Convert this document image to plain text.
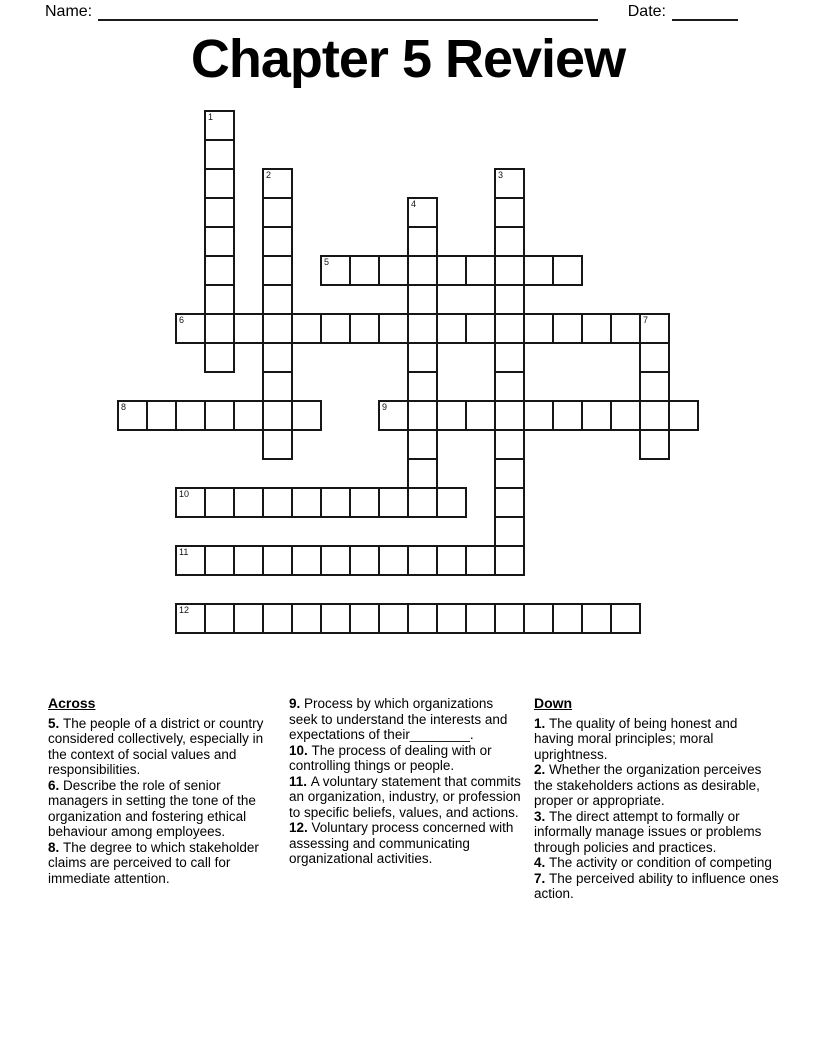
Name:	Date:
Chapter 5 Review
1
2	3
4
5
6	7
8	9
10
11
12
Across

5. The people of a district or country considered collectively, especially in the context of social values and responsibilities.

6. Describe the role of senior managers in setting the tone of the organization and fostering ethical behaviour among employees.

8. The degree to which stakeholder claims are perceived to call for immediate attention.

9. Process by which organizations seek to understand the interests and expectations of their________.

10. The process of dealing with or controlling things or people.

11. A voluntary statement that commits an organization, industry, or profession to specific beliefs, values, and actions.

12. Voluntary process concerned with assessing and communicating organizational activities.

Down

1. The quality of being honest and having moral principles; moral uprightness.

2. Whether the organization perceives the stakeholders actions as desirable, proper or appropriate.

3. The direct attempt to formally or informally manage issues or problems through policies and practices.

4. The activity or condition of competing

7. The perceived ability to influence ones action.
